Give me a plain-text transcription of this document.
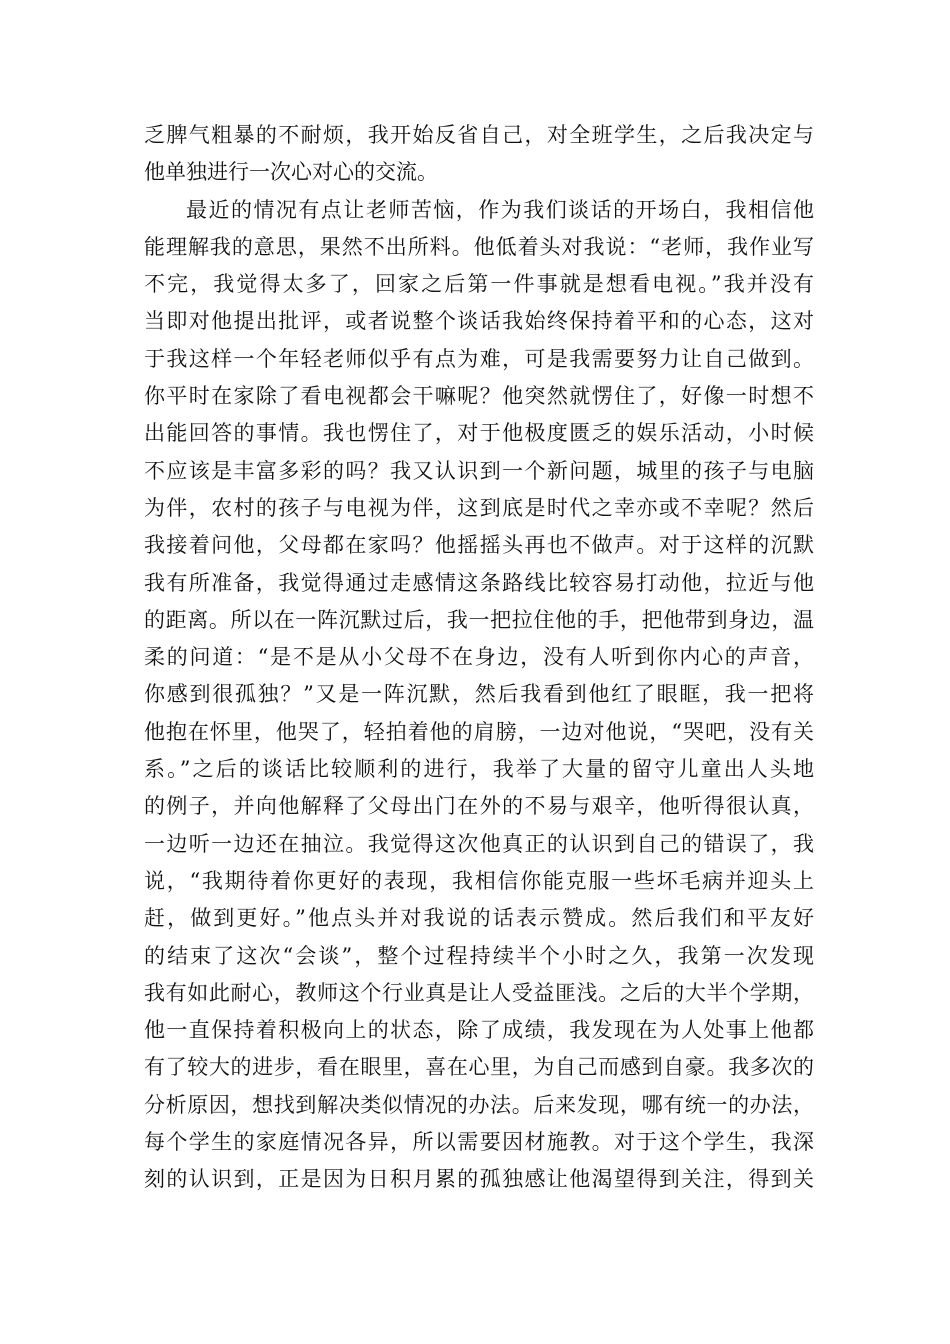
乏脾气粗暴的不耐烦，我开始反省自己，对全班学生，之后我决定与
他单独进行一次心对心的交流。
最近的情况有点让老师苦恼，作为我们谈话的开场白，我相信他
能理解我的意思，果然不出所料。他低着头对我说：“老师，我作业写
不完，我觉得太多了，回家之后第一件事就是想看电视。”我并没有
当即对他提出批评，或者说整个谈话我始终保持着平和的心态，这对
于我这样一个年轻老师似乎有点为难，可是我需要努力让自己做到。
你平时在家除了看电视都会干嘛呢？他突然就愣住了，好像一时想不
出能回答的事情。我也愣住了，对于他极度匮乏的娱乐活动，小时候
不应该是丰富多彩的吗？我又认识到一个新问题，城里的孩子与电脑
为伴，农村的孩子与电视为伴，这到底是时代之幸亦或不幸呢？然后
我接着问他，父母都在家吗？他摇摇头再也不做声。对于这样的沉默
我有所准备，我觉得通过走感情这条路线比较容易打动他，拉近与他
的距离。所以在一阵沉默过后，我一把拉住他的手，把他带到身边，温
柔的问道：“是不是从小父母不在身边，没有人听到你内心的声音，
你感到很孤独？”又是一阵沉默，然后我看到他红了眼眶，我一把将
他抱在怀里，他哭了，轻拍着他的肩膀，一边对他说，“哭吧，没有关
系。”之后的谈话比较顺利的进行，我举了大量的留守儿童出人头地
的例子，并向他解释了父母出门在外的不易与艰辛，他听得很认真，
一边听一边还在抽泣。我觉得这次他真正的认识到自己的错误了，我
说，“我期待着你更好的表现，我相信你能克服一些坏毛病并迎头上
赶，做到更好。”他点头并对我说的话表示赞成。然后我们和平友好
的结束了这次“会谈”，整个过程持续半个小时之久，我第一次发现
我有如此耐心，教师这个行业真是让人受益匪浅。之后的大半个学期，
他一直保持着积极向上的状态，除了成绩，我发现在为人处事上他都
有了较大的进步，看在眼里，喜在心里，为自己而感到自豪。我多次的
分析原因，想找到解决类似情况的办法。后来发现，哪有统一的办法，
每个学生的家庭情况各异，所以需要因材施教。对于这个学生，我深
刻的认识到，正是因为日积月累的孤独感让他渴望得到关注，得到关
